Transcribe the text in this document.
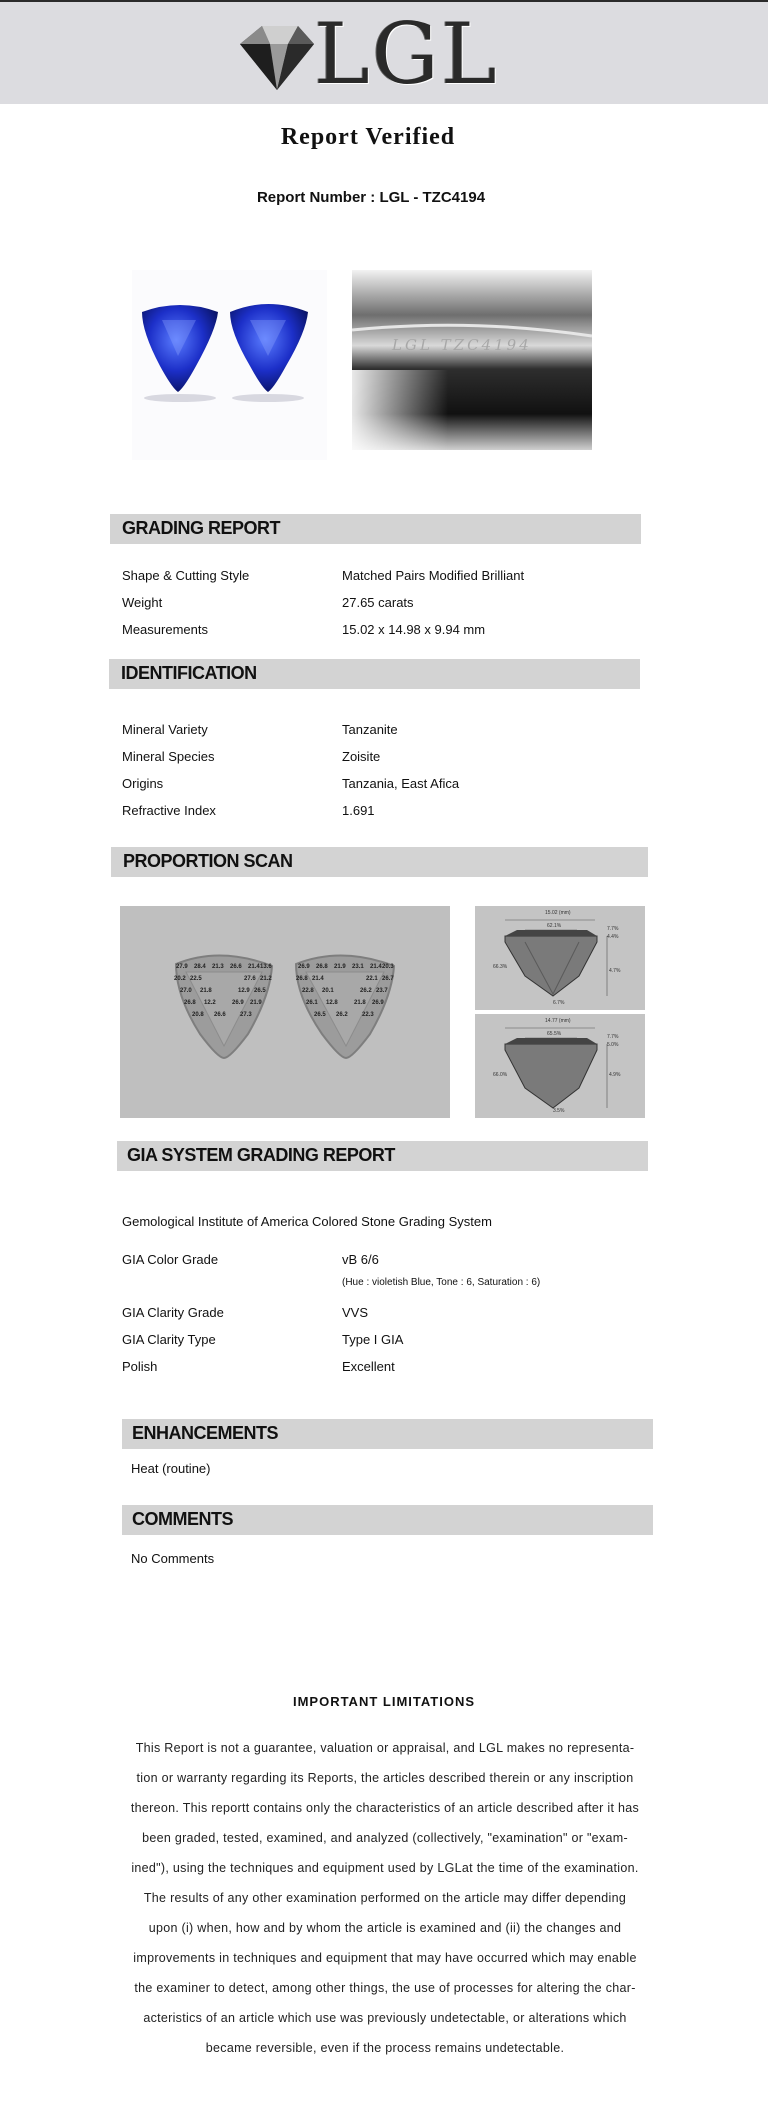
LGL
Report Verified
Report Number : LGL - TZC4194
LGL TZC4194
GRADING REPORT
Shape & Cutting Style	Matched Pairs Modified Brilliant
Weight	27.65 carats
Measurements	15.02 x 14.98 x 9.94 mm
IDENTIFICATION
Mineral Variety	Tanzanite
Mineral Species	Zoisite
Origins	Tanzania, East Afica
Refractive Index	1.691
PROPORTION SCAN
27.9 28.4 21.3 26.6 21.4 13.6
20.2 22.5	27.6 21.2
27.0 21.8	12.9 26.5
26.8 12.2	26.9 21.9
20.8 26.6 27.3
26.9 26.8 21.9 23.1 21.4 20.3
26.8 21.4	22.1 26.7
22.8 20.1	26.2 23.7
26.1 12.8	21.8 26.9
26.5 26.2 22.3
15.02 (mm)
62.1%	7.7%
4.4%
66.3%
4.7%
6.7%
14.77 (mm)
65.5%	7.7%
5.0%
66.0%	4.9%
3.5%
GIA SYSTEM GRADING REPORT
Gemological Institute of America Colored Stone Grading System
GIA Color Grade	vB 6/6
(Hue : violetish Blue, Tone : 6, Saturation : 6)
GIA Clarity Grade	VVS
GIA Clarity Type	Type I GIA
Polish	Excellent
ENHANCEMENTS
Heat (routine)
COMMENTS
No Comments
IMPORTANT LIMITATIONS
This Report is not a guarantee, valuation or appraisal, and LGL makes no representa-
tion or warranty regarding its Reports, the articles described therein or any inscription
thereon. This reportt contains only the characteristics of an article described after it has
been graded, tested, examined, and analyzed (collectively, "examination" or "exam-
ined"), using the techniques and equipment used by LGLat the time of the examination.
The results of any other examination performed on the article may differ depending
upon (i) when, how and by whom the article is examined and (ii) the changes and
improvements in techniques and equipment that may have occurred which may enable
the examiner to detect, among other things, the use of processes for altering the char-
acteristics of an article which use was previously undetectable, or alterations which
became reversible, even if the process remains undetectable.
